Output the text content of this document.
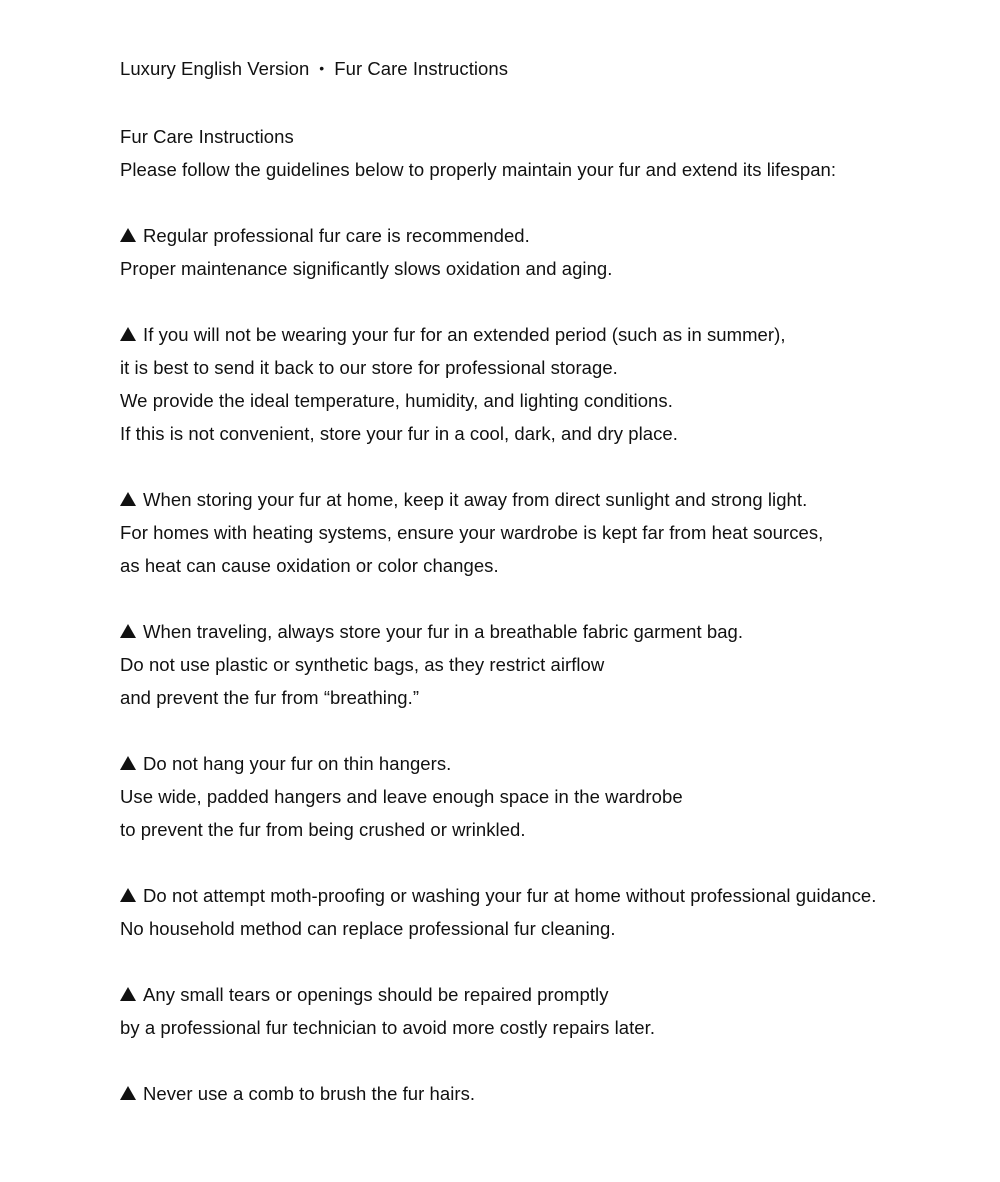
Luxury English Version • Fur Care Instructions
Fur Care Instructions
Please follow the guidelines below to properly maintain your fur and extend its lifespan:
Regular professional fur care is recommended.
Proper maintenance significantly slows oxidation and aging.
If you will not be wearing your fur for an extended period (such as in summer),
it is best to send it back to our store for professional storage.
We provide the ideal temperature, humidity, and lighting conditions.
If this is not convenient, store your fur in a cool, dark, and dry place.
When storing your fur at home, keep it away from direct sunlight and strong light.
For homes with heating systems, ensure your wardrobe is kept far from heat sources,
as heat can cause oxidation or color changes.
When traveling, always store your fur in a breathable fabric garment bag.
Do not use plastic or synthetic bags, as they restrict airflow
and prevent the fur from “breathing.”
Do not hang your fur on thin hangers.
Use wide, padded hangers and leave enough space in the wardrobe
to prevent the fur from being crushed or wrinkled.
Do not attempt moth-proofing or washing your fur at home without professional guidance.
No household method can replace professional fur cleaning.
Any small tears or openings should be repaired promptly
by a professional fur technician to avoid more costly repairs later.
Never use a comb to brush the fur hairs.
